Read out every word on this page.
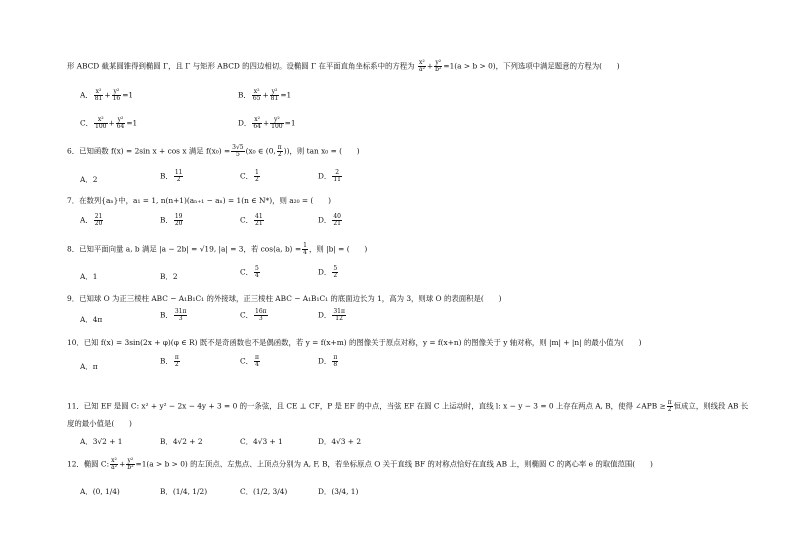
形 ABCD 截某圆锥得到椭圆 Γ，且 Γ 与矩形 ABCD 的四边相切。设椭圆 Γ 在平面直角坐标系中的方程为 $\frac{\text{x²}}{\text{a²}} + \frac{\text{y²}}{\text{b²}} =1(a > b > 0)$，下列选项中满足题意的方程为(　　)
A． $\frac{\text{x²}}{81} + \frac{\text{y²}}{16} =1$	B． $\frac{\text{x²}}{65} + \frac{\text{y²}}{81} =1$
C． $\frac{\text{x²}}{100} + \frac{\text{y²}}{64} =1$	D． $\frac{\text{x²}}{64} + \frac{\text{y²}}{100} =1$
6．已知函数 f(x) = 2sin x + cos x 满足 $f(x_0) = \frac{3√5}{5} (x_0$ ∈ (0, $\frac{\pi}{2}$ ))，则 tan x₀ = (　　)
A．2	B． $\frac{11}{2}$	C． $\frac{1}{2}$	D． $\frac{2}{11}$
7．在数列{aₙ}中，a₁ = 1, n(n+1)(aₙ₊₁ − aₙ) = 1(n ∈ N*)，则 a₂₀ = (　　)
A． $\frac{21}{20}$	B． $\frac{19}{20}$	C． $\frac{41}{21}$	D． $\frac{40}{21}$
8．已知平面向量 a, b 满足 |a − 2b| = √19, |a| = 3，若 cos⟨a, b⟩ = $\frac{1}{4}$ ，则 |b| = (　　)
A．1	B．2	C． $\frac{5}{4}$	D． $\frac{5}{2}$
9．已知球 O 为正三棱柱 ABC − A₁B₁C₁ 的外接球，正三棱柱 ABC − A₁B₁C₁ 的底面边长为 1，高为 3，则球 O 的表面积是(　　)
A．4π	B． $\frac{31\pi}{3}$	C． $\frac{16\pi}{3}$	D． $\frac{31\pi}{12}$
10．已知 f(x) = 3sin(2x + φ)(φ ∈ R) 既不是奇函数也不是偶函数，若 y = f(x+m) 的图像关于原点对称，y = f(x+n) 的图像关于 y 轴对称，则 |m| + |n| 的最小值为(　　)
A．π
B． $\frac{\pi}{2}$	C． $\frac{\pi}{4}$	D． $\frac{\pi}{8}$
11．已知 EF 是圆 C: x² + y² − 2x − 4y + 3 = 0 的一条弦，且 CE ⊥ CF，P 是 EF 的中点，当弦 EF 在圆 C 上运动时，直线 l: x − y − 3 = 0 上存在两点 A, B，使得 ∠APB ≥ $\frac{\pi}{2}$ 恒成立，则线段 AB 长
度的最小值是(　　)
A．3√2 + 1	B．4√2 + 2	C．4√3 + 1	D．4√3 + 2
12．椭圆 C: $\frac{\text{x²}}{\text{a²}} + \frac{\text{y²}}{\text{b²}} =1(a > b > 0)$ 的左顶点、左焦点、上顶点分别为 A, F, B，若坐标原点 O 关于直线 BF 的对称点恰好在直线 AB 上，则椭圆 C 的离心率 e 的取值范围(　　)
A．(0, 1/4)	B．(1/4, 1/2)	C．(1/2, 3/4)	D．(3/4, 1)
